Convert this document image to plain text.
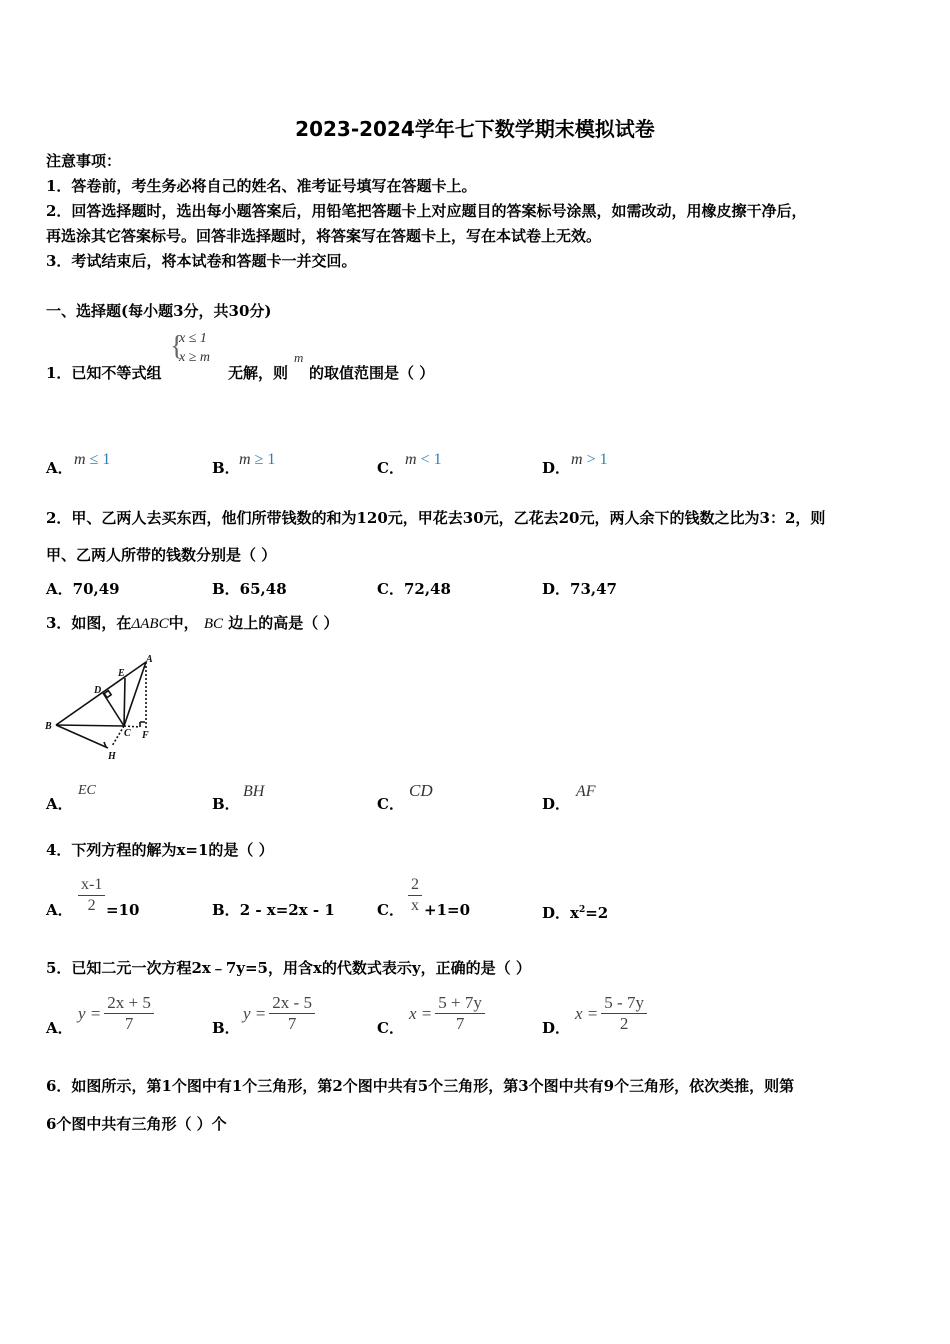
2023-2024学年七下数学期末模拟试卷
注意事项：
1．答卷前，考生务必将自己的姓名、准考证号填写在答题卡上。
2．回答选择题时，选出每小题答案后，用铅笔把答题卡上对应题目的答案标号涂黑，如需改动，用橡皮擦干净后，
再选涂其它答案标号。回答非选择题时，将答案写在答题卡上，写在本试卷上无效。
3．考试结束后，将本试卷和答题卡一并交回。
一、选择题(每小题3分，共30分)
1．已知不等式组
{
x ≤ 1
x ≥ m
无解，则
m
的取值范围是（ ）
A． m ≤ 1	B． m ≥ 1	C． m < 1	D． m > 1
2．甲、乙两人去买东西，他们所带钱数的和为120元，甲花去30元，乙花去20元，两人余下的钱数之比为3：2，则
甲、乙两人所带的钱数分别是（ ）
A．70,49	B．65,48	C．72,48	D．73,47
3．如图，在ΔABC中， BC 边上的高是（ ）
A
E
D
B
C F
H
A．
EC
B．
BH
C．
CD
D．
AF
4．下列方程的解为x=1的是（ ）
A． $\frac{x-1}{2} =10$	B．2 - x=2x - 1	C． $\frac{2}{x} +1=0$	D．$x^2=2$
5．已知二元一次方程2x﹣7y=5，用含x的代数式表示y，正确的是（ ）
A．
$y = \frac{2x + 5}{7}$	B．
$y = \frac{2x - 5}{7}$	C．
$x = \frac{5 + 7y}{7}$	D．
$x = \frac{5 - 7y}{2}$
6．如图所示，第1个图中有1个三角形，第2个图中共有5个三角形，第3个图中共有9个三角形，依次类推，则第
6个图中共有三角形（ ）个
